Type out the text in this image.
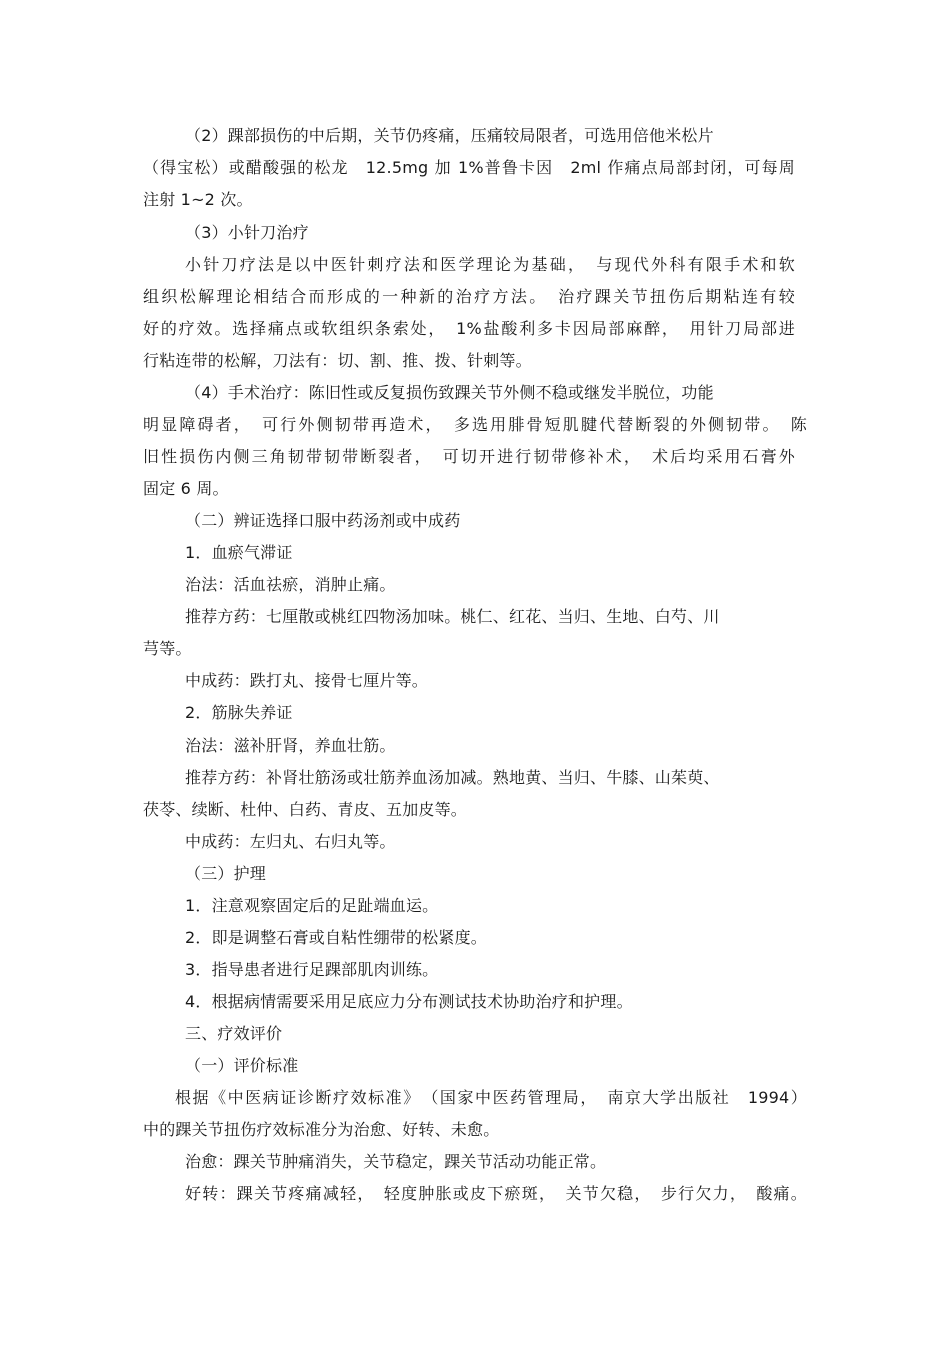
（2）踝部损伤的中后期，关节仍疼痛，压痛较局限者，可选用倍他米松片
（得宝松）或醋酸强的松龙　12.5mg 加 1%普鲁卡因　2ml 作痛点局部封闭，可每周
注射 1~2 次。
（3）小针刀治疗
小针刀疗法是以中医针刺疗法和医学理论为基础，　与现代外科有限手术和软
组织松解理论相结合而形成的一种新的治疗方法。　治疗踝关节扭伤后期粘连有较
好的疗效。选择痛点或软组织条索处，　1%盐酸利多卡因局部麻醉，　用针刀局部进
行粘连带的松解，刀法有：切、割、推、拨、针刺等。
（4）手术治疗：陈旧性或反复损伤致踝关节外侧不稳或继发半脱位，功能
明显障碍者，　可行外侧韧带再造术，　多选用腓骨短肌腱代替断裂的外侧韧带。　陈
旧性损伤内侧三角韧带韧带断裂者，　可切开进行韧带修补术，　术后均采用石膏外
固定 6 周。
（二）辨证选择口服中药汤剂或中成药
1．血瘀气滞证
治法：活血祛瘀，消肿止痛。
推荐方药：七厘散或桃红四物汤加味。桃仁、红花、当归、生地、白芍、川
芎等。
中成药：跌打丸、接骨七厘片等。
2．筋脉失养证
治法：滋补肝肾，养血壮筋。
推荐方药：补肾壮筋汤或壮筋养血汤加减。熟地黄、当归、牛膝、山茱萸、
茯苓、续断、杜仲、白药、青皮、五加皮等。
中成药：左归丸、右归丸等。
（三）护理
1．注意观察固定后的足趾端血运。
2．即是调整石膏或自粘性绷带的松紧度。
3．指导患者进行足踝部肌肉训练。
4．根据病情需要采用足底应力分布测试技术协助治疗和护理。
三、疗效评价
（一）评价标准
根据《中医病证诊断疗效标准》　（国家中医药管理局，　南京大学出版社　1994）
中的踝关节扭伤疗效标准分为治愈、好转、未愈。
治愈：踝关节肿痛消失，关节稳定，踝关节活动功能正常。
好转：踝关节疼痛减轻，　轻度肿胀或皮下瘀斑，　关节欠稳，　步行欠力，　酸痛。
